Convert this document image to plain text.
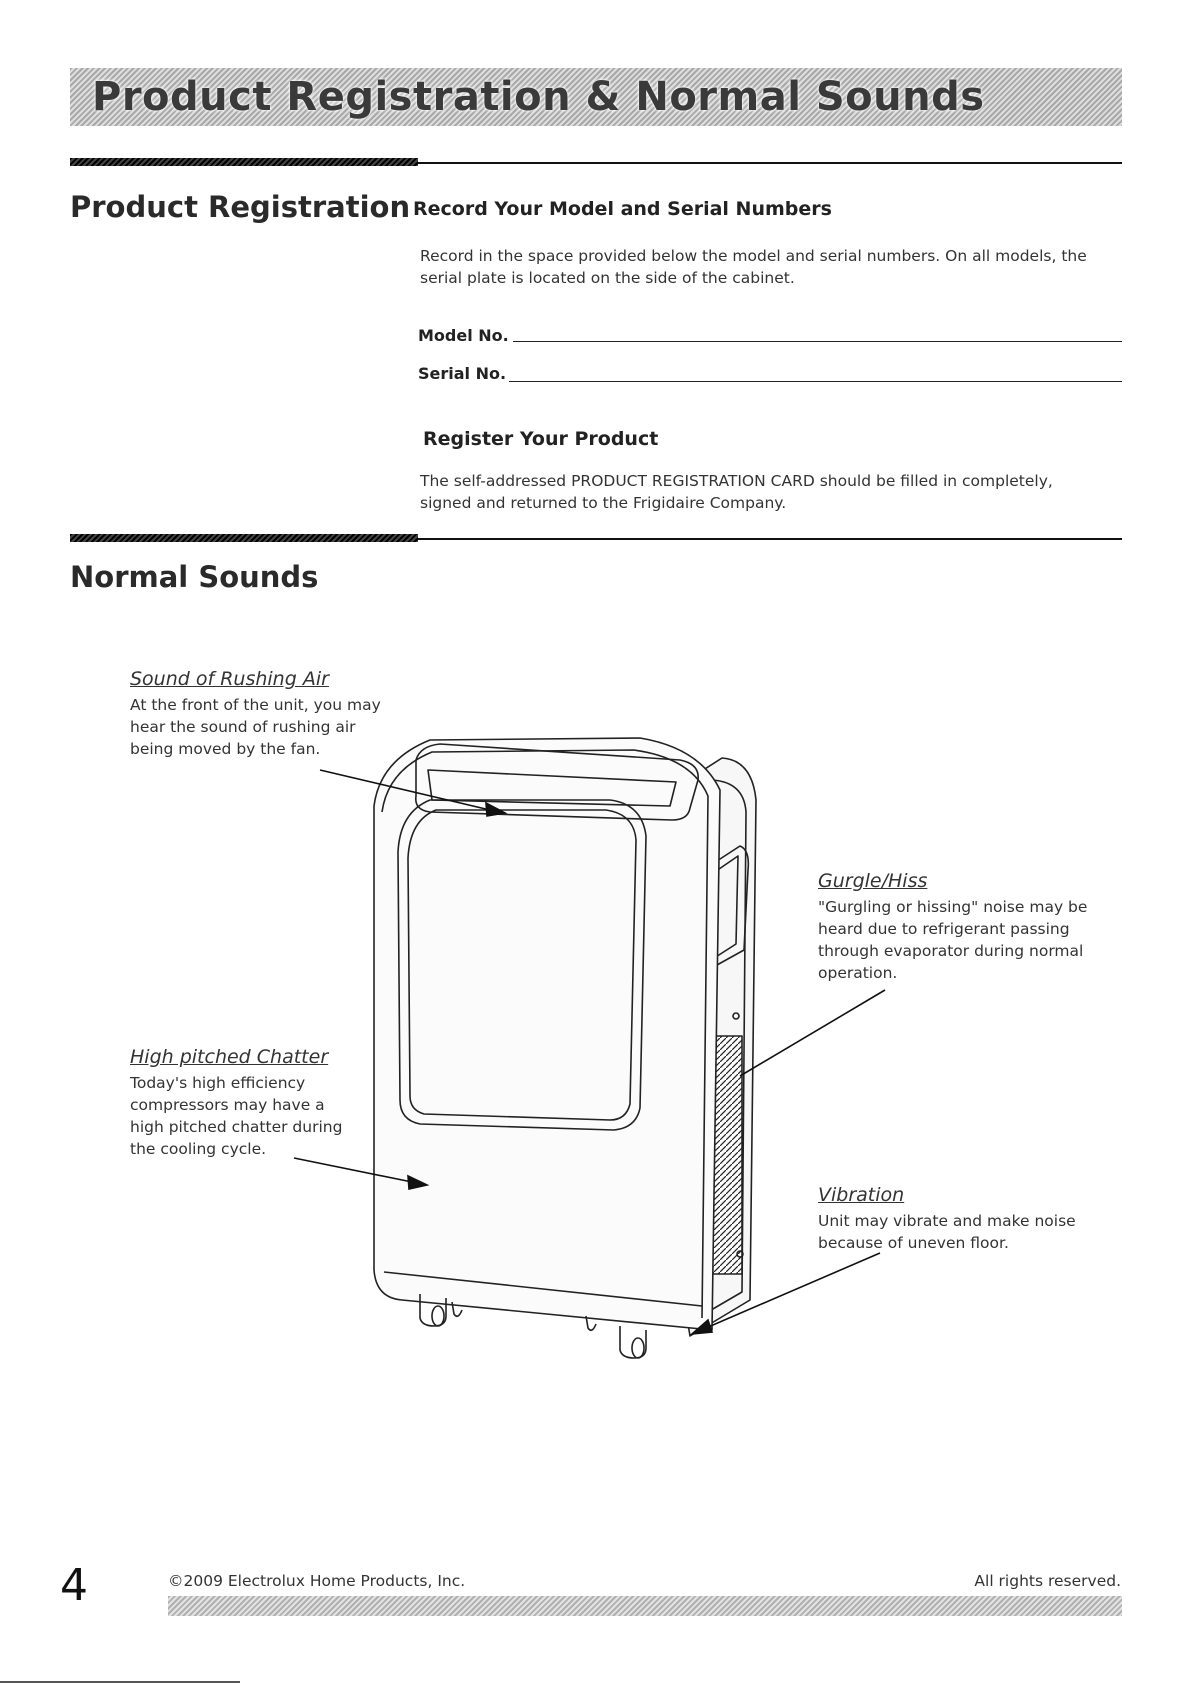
Product Registration & Normal Sounds
Product Registration Record Your Model and Serial Numbers
Record in the space provided below the model and serial numbers. On all models, the
serial plate is located on the side of the cabinet.
Model No.
Serial No.
Register Your Product
The self-addressed PRODUCT REGISTRATION CARD should be filled in completely,
signed and returned to the Frigidaire Company.
Normal Sounds
Sound of Rushing Air
At the front of the unit, you may
hear the sound of rushing air
being moved by the fan.
High pitched Chatter
Today's high efficiency
compressors may have a
high pitched chatter during
the cooling cycle.
Gurgle/Hiss
"Gurgling or hissing" noise may be
heard due to refrigerant passing
through evaporator during normal
operation.
Vibration
Unit may vibrate and make noise
because of uneven floor.
4	©2009 Electrolux Home Products, Inc.	All rights reserved.
